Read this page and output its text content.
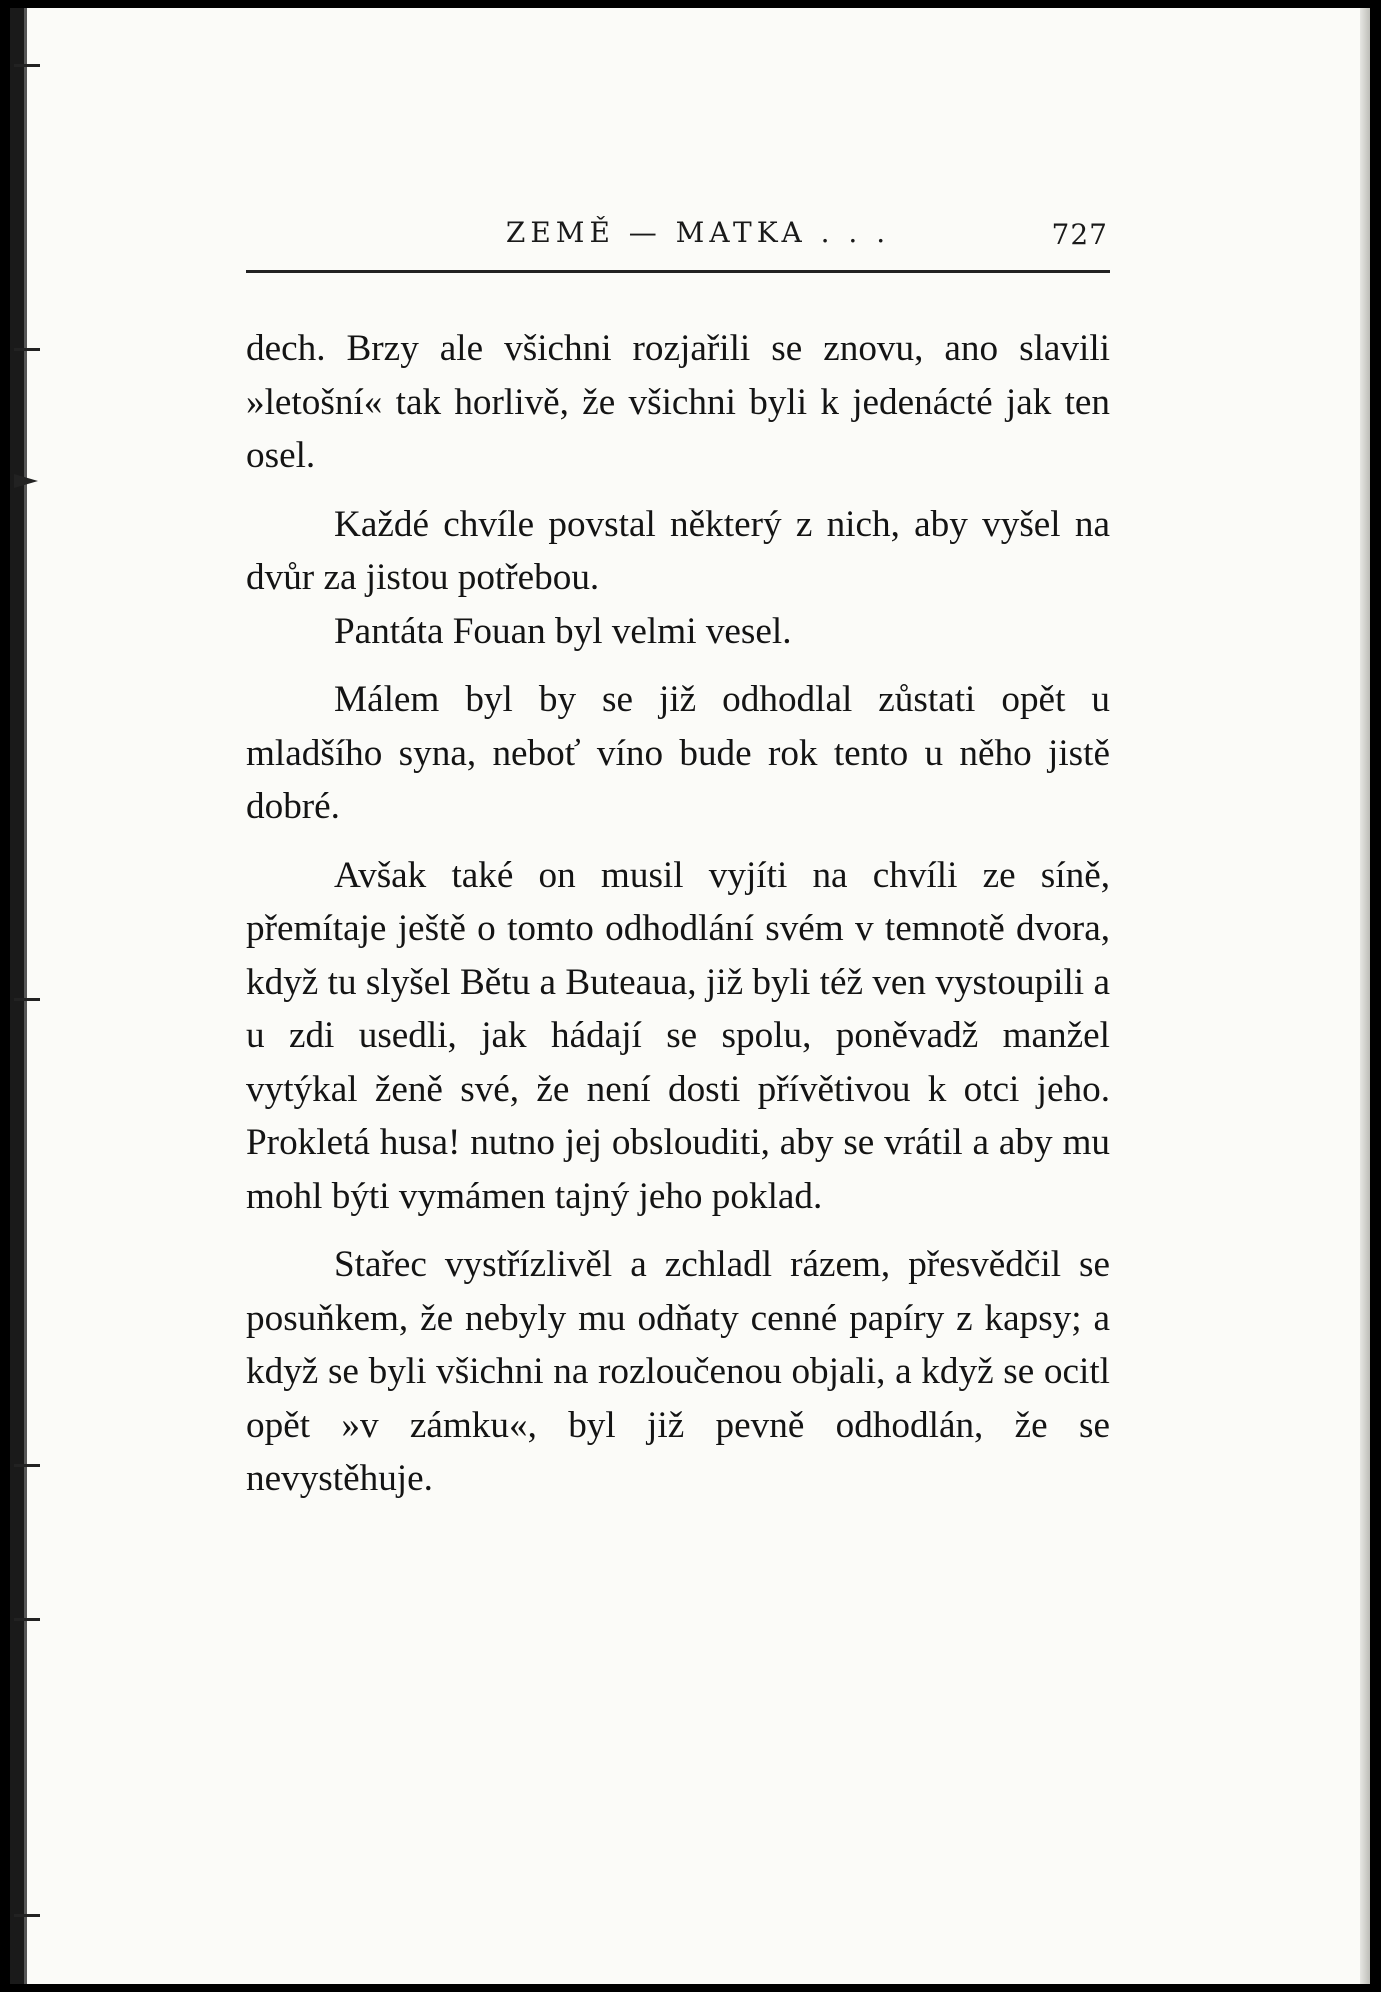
ZEMĚ — MATKA . . .	727

dech. Brzy ale všichni rozjařili se znovu, ano slavili »letošní« tak horlivě, že všichni byli k jedenácté jak ten osel.

Každé chvíle povstal některý z nich, aby vyšel na dvůr za jistou potřebou.

Pantáta Fouan byl velmi vesel.

Málem byl by se již odhodlal zůstati opět u mladšího syna, neboť víno bude rok tento u něho jistě dobré.

Avšak také on musil vyjíti na chvíli ze síně, přemítaje ještě o tomto odhodlání svém v temnotě dvora, když tu slyšel Bětu a Buteaua, již byli též ven vystoupili a u zdi usedli, jak hádají se spolu, poněvadž manžel vytýkal ženě své, že není dosti přívětivou k otci jeho. Prokletá husa! nutno jej obslouditi, aby se vrátil a aby mu mohl býti vymámen tajný jeho poklad.

Stařec vystřízlivěl a zchladl rázem, přesvědčil se posuňkem, že nebyly mu odňaty cenné papíry z kapsy; a když se byli všichni na rozloučenou objali, a když se ocitl opět »v zámku«, byl již pevně odhodlán, že se nevystěhuje.
